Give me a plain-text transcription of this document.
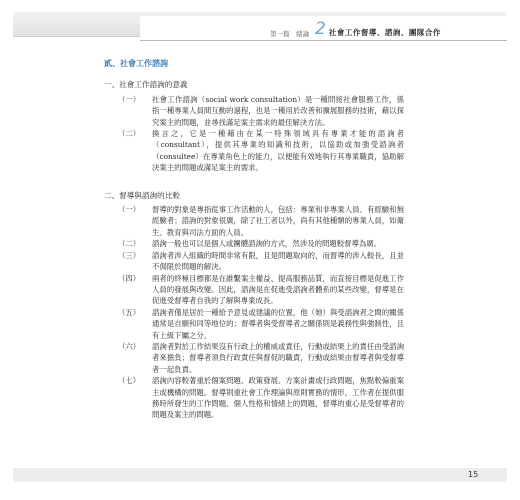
第一篇　緒論 2 社會工作督導、諮詢、團隊合作
貳、社會工作諮詢
一、社會工作諮詢的意義
（一） 社會工作諮詢（social work consultation）是一種問接社會服務工作，係指一種專業人員間互動的過程，也是一種用於改善和擴展服務的技術，藉以探究案主的問題，並尋找滿足案主需求的最佳解決方法。
（二） 換言之，它是一種藉由在某一特殊領域具有專業才能的諮詢者（consultant），提供其專業的知識和技術，以協助或加強受諮詢者（consultee）在專業角色上的能力，以便能有效地執行其專業職責，協助解決案主的問題或滿足案主的需求。
二、督導與諮詢的比較
（一） 督導的對象是專指從事工作活動的人，包括：專業和非專業人員、有經驗和無經驗者；諮詢的對象很廣，除了社工者以外，尚有其他種類的專業人員，如衛生、教育與司法方面的人員。
（二） 諮詢一般也可以是個人或團體諮詢的方式，然涉及的問題較督導為廣。
（三） 諮詢者涉入組織的時間非常有限，且是問題取向的，而督導的涉入較長，且並不侷限於問題的解決。
（四） 兩者的終極目標都是在維繫案主權益、提高服務品質，而直接目標是促進工作人員的發展與改變。因此，諮詢是在促進受諮詢者體系的某些改變，督導是在促進受督導者自我的了解與專業成長。
（五） 諮詢者僅是居於一種給予意見或建議的位置，他（她）與受諮詢者之間的關係通常是自願和同等地位的；督導者與受督導者之關係則是義務性與強制性，且有上級下屬之分。
（六） 諮詢者對於工作結果沒有行政上的權威或責任，行動或結果上的責任由受諮詢者來擔負；督導者須負行政責任與督促的職責，行動或結果由督導者與受督導者一起負責。
（七） 諮詢內容較著重於個案問題、政策發展、方案計畫或行政問題，焦點較偏重案主或機構的問題。督導則重社會工作理論與原則實務的情形，工作者在提供服務時所發生的工作問題、個人性格和情緒上的問題，督導的重心是受督導者的問題及案主的問題。
15
